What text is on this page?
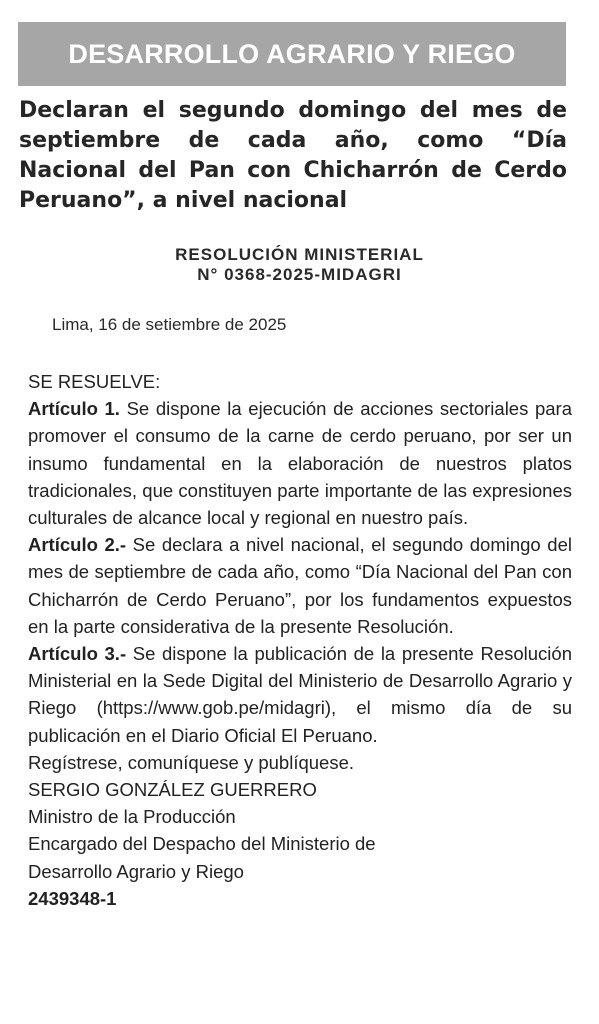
DESARROLLO AGRARIO Y RIEGO
Declaran el segundo domingo del mes de septiembre de cada año, como “Día Nacional del Pan con Chicharrón de Cerdo Peruano”, a nivel nacional
RESOLUCIÓN MINISTERIAL
N° 0368-2025-MIDAGRI
Lima, 16 de setiembre de 2025

SE RESUELVE:

Artículo 1. Se dispone la ejecución de acciones sectoriales para promover el consumo de la carne de cerdo peruano, por ser un insumo fundamental en la elaboración de nuestros platos tradicionales, que constituyen parte importante de las expresiones culturales de alcance local y regional en nuestro país.

Artículo 2.- Se declara a nivel nacional, el segundo domingo del mes de septiembre de cada año, como “Día Nacional del Pan con Chicharrón de Cerdo Peruano”, por los fundamentos expuestos en la parte considerativa de la presente Resolución.

Artículo 3.- Se dispone la publicación de la presente Resolución Ministerial en la Sede Digital del Ministerio de Desarrollo Agrario y Riego (https://www.gob.pe/midagri), el mismo día de su publicación en el Diario Oficial El Peruano.

Regístrese, comuníquese y publíquese.

SERGIO GONZÁLEZ GUERRERO

Ministro de la Producción

Encargado del Despacho del Ministerio de

Desarrollo Agrario y Riego

2439348-1
